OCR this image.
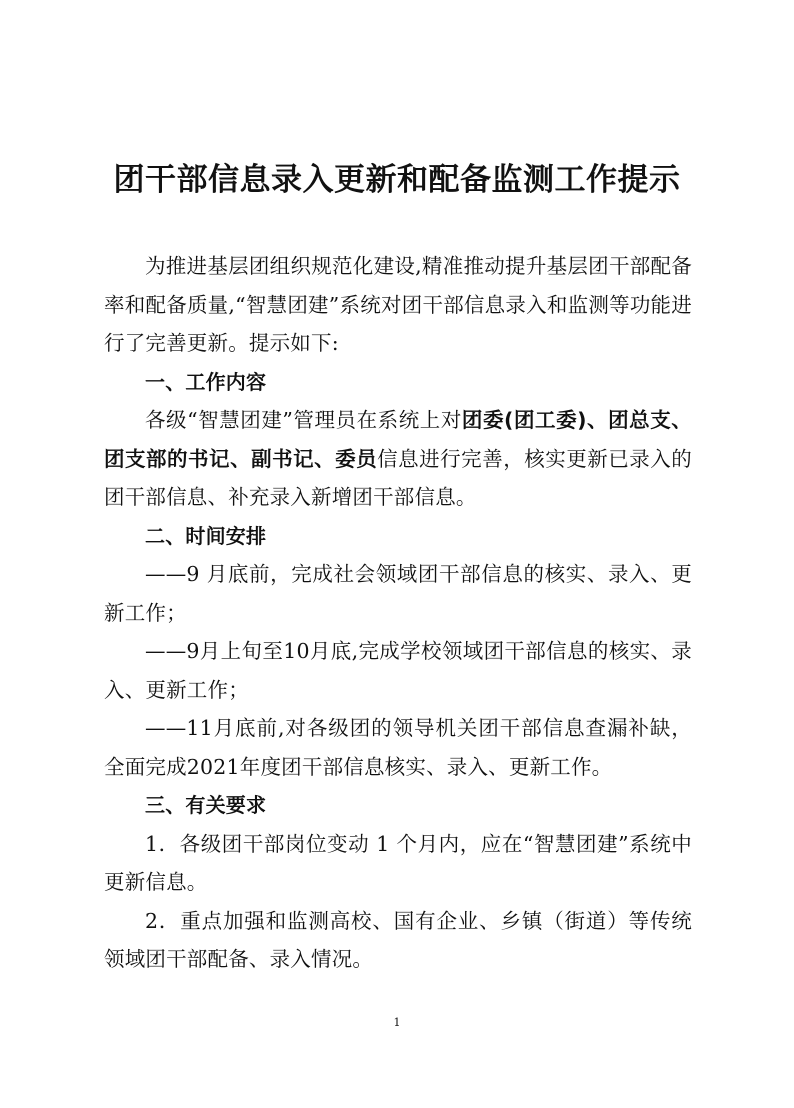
团干部信息录入更新和配备监测工作提示

为推进基层团组织规范化建设,精准推动提升基层团干部配备率和配备质量,“智慧团建”系统对团干部信息录入和监测等功能进行了完善更新。提示如下:

一、工作内容

各级“智慧团建”管理员在系统上对团委(团工委)、团总支、团支部的书记、副书记、委员信息进行完善，核实更新已录入的团干部信息、补充录入新增团干部信息。

二、时间安排

——9 月底前，完成社会领域团干部信息的核实、录入、更新工作；

——9月上旬至10月底,完成学校领域团干部信息的核实、录入、更新工作；

——11月底前,对各级团的领导机关团干部信息查漏补缺，全面完成2021年度团干部信息核实、录入、更新工作。

三、有关要求

1．各级团干部岗位变动 1 个月内，应在“智慧团建”系统中更新信息。

2．重点加强和监测高校、国有企业、乡镇（街道）等传统领域团干部配备、录入情况。

1
